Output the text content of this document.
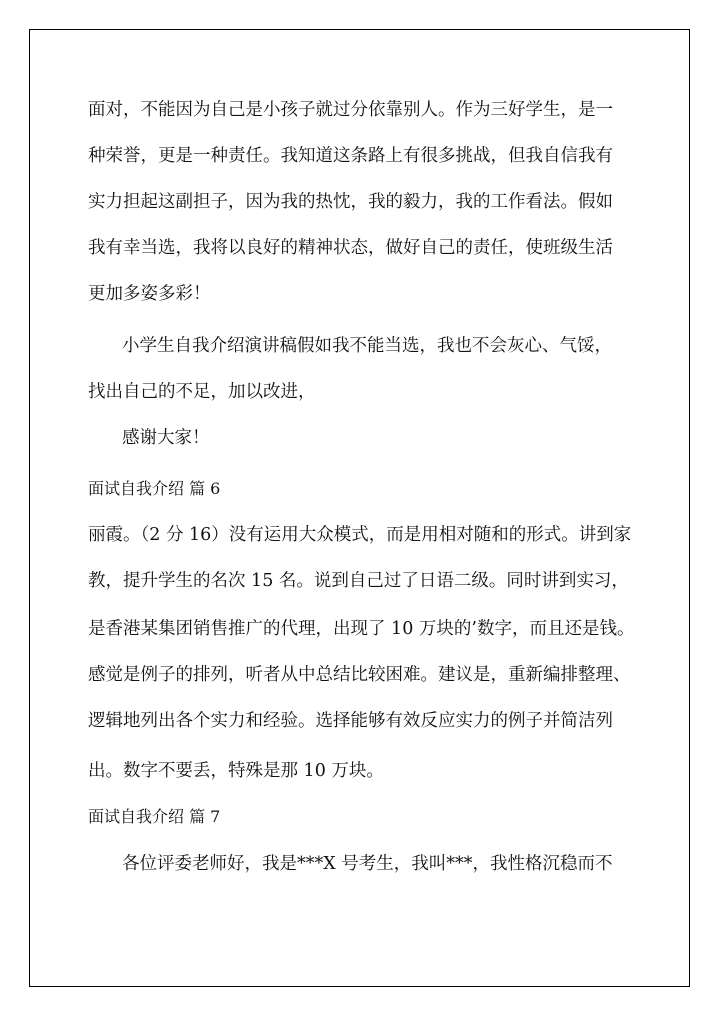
面对，不能因为自己是小孩子就过分依靠别人。作为三好学生，是一
种荣誉，更是一种责任。我知道这条路上有很多挑战，但我自信我有
实力担起这副担子，因为我的热忱，我的毅力，我的工作看法。假如
我有幸当选，我将以良好的精神状态，做好自己的责任，使班级生活
更加多姿多彩！
小学生自我介绍演讲稿假如我不能当选，我也不会灰心、气馁，
找出自己的不足，加以改进，
感谢大家！
面试自我介绍 篇 6
丽霞。（2 分 16）没有运用大众模式，而是用相对随和的形式。讲到家
教，提升学生的名次 15 名。说到自己过了日语二级。同时讲到实习，
是香港某集团销售推广的代理，出现了 10 万块的’数字，而且还是钱。
感觉是例子的排列，听者从中总结比较困难。建议是，重新编排整理、
逻辑地列出各个实力和经验。选择能够有效反应实力的例子并简洁列
出。数字不要丢，特殊是那 10 万块。
面试自我介绍 篇 7
各位评委老师好，我是***X 号考生，我叫***，我性格沉稳而不
